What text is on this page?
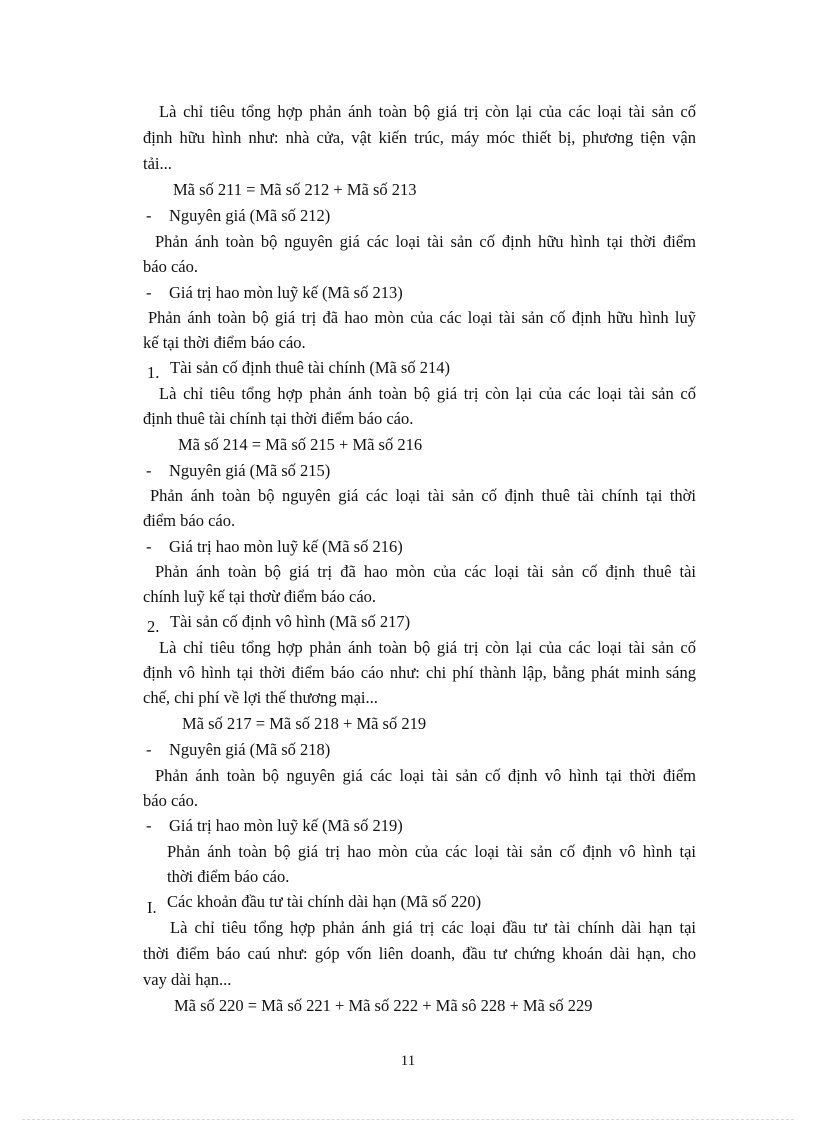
Là chỉ tiêu tổng hợp phản ánh toàn bộ giá trị còn lại của các loại tài sản cố
định hữu hình như: nhà cửa, vật kiến trúc, máy móc thiết bị, phương tiện vận
tải...
Mã số 211 = Mã số 212 + Mã số 213
- Nguyên giá (Mã số 212)
Phản ánh toàn bộ nguyên giá các loại tài sản cố định hữu hình tại thời điểm
báo cáo.
- Giá trị hao mòn luỹ kế (Mã số 213)
Phản ánh toàn bộ giá trị đã hao mòn của các loại tài sản cố định hữu hình luỹ
kế tại thời điểm báo cáo.
1. Tài sản cố định thuê tài chính (Mã số 214)
Là chỉ tiêu tổng hợp phản ánh toàn bộ giá trị còn lại của các loại tài sản cố
định thuê tài chính tại thời điểm báo cáo.
Mã số 214 = Mã số 215 + Mã số 216
- Nguyên giá (Mã số 215)
Phản ánh toàn bộ nguyên giá các loại tài sản cố định thuê tài chính tại thời
điểm báo cáo.
- Giá trị hao mòn luỹ kế (Mã số 216)
Phản ánh toàn bộ giá trị đã hao mòn của các loại tài sản cố định thuê tài
chính luỹ kế tại thơừ điểm báo cáo.
2. Tài sản cố định vô hình (Mã số 217)
Là chỉ tiêu tổng hợp phản ánh toàn bộ giá trị còn lại của các loại tài sản cố
định vô hình tại thời điểm báo cáo như: chi phí thành lập, bằng phát minh sáng
chế, chi phí về lợi thế thương mại...
Mã số 217 = Mã số 218 + Mã số 219
- Nguyên giá (Mã số 218)
Phản ánh toàn bộ nguyên giá các loại tài sản cố định vô hình tại thời điểm
báo cáo.
- Giá trị hao mòn luỹ kế (Mã số 219)
Phản ánh toàn bộ giá trị hao mòn của các loại tài sản cố định vô hình tại
thời điểm báo cáo.
I. Các khoản đầu tư tài chính dài hạn (Mã số 220)
Là chỉ tiêu tổng hợp phản ánh giá trị các loại đầu tư tài chính dài hạn tại
thời điểm báo caú như: góp vốn liên doanh, đầu tư chứng khoán dài hạn, cho
vay dài hạn...
Mã số 220 = Mã số 221 + Mã số 222 + Mã sô 228 + Mã số 229
11
